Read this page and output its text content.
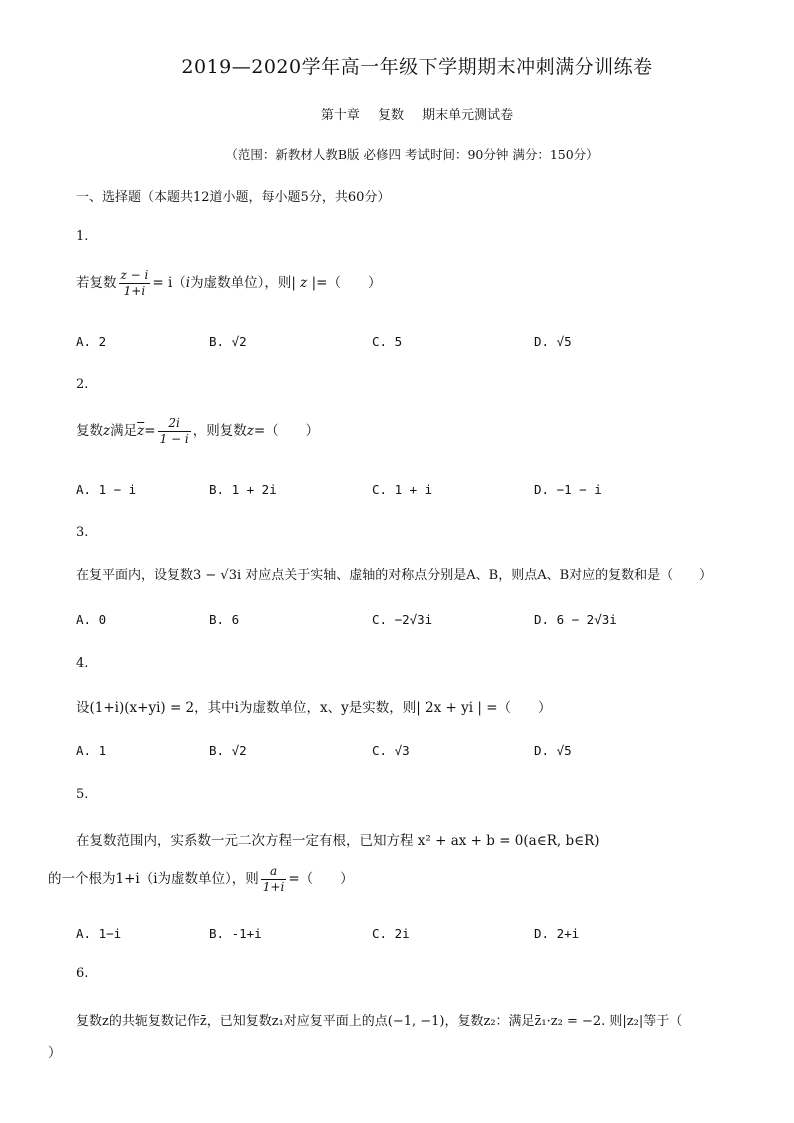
2019—2020学年高一年级下学期期末冲刺满分训练卷
第十章 复数 期末单元测试卷
（范围：新教材人教B版 必修四 考试时间：90分钟 满分：150分）
一、选择题（本题共12道小题，每小题5分，共60分）
1.
若复数 $\frac{z - i}{1+i} = i(i$为虚数单位），则| z |=（　　）
A. 2	B. √2	C. 5	D. √5
2.
复数z满足$\overline{z}= \frac{2i}{1 - i}$ ，则复数z=（　　）
A. 1 − i	B. 1 + 2i	C. 1 + i	D. −1 − i
3.
在复平面内，设复数3 − √3i 对应点关于实轴、虚轴的对称点分别是A、B，则点A、B对应的复数和是（　　）
A. 0	B. 6	C. −2√3i	D. 6 − 2√3i
4.
设(1+i)(x+yi) = 2，其中i为虚数单位，x、y是实数，则| 2x + yi | =（　　）
A. 1	B. √2	C. √3	D. √5
5.
在复数范围内，实系数一元二次方程一定有根，已知方程 x² + ax + b = 0(a∈R, b∈R)
的一个根为1+i（i为虚数单位），则 $\frac{a}{1+i}$ =（　　）
A. 1−i	B. -1+i	C. 2i	D. 2+i
6.
复数z的共轭复数记作z̄，已知复数z₁对应复平面上的点(−1, −1)，复数z₂：满足z̄₁·z₂ = −2. 则|z₂|等于（
）
